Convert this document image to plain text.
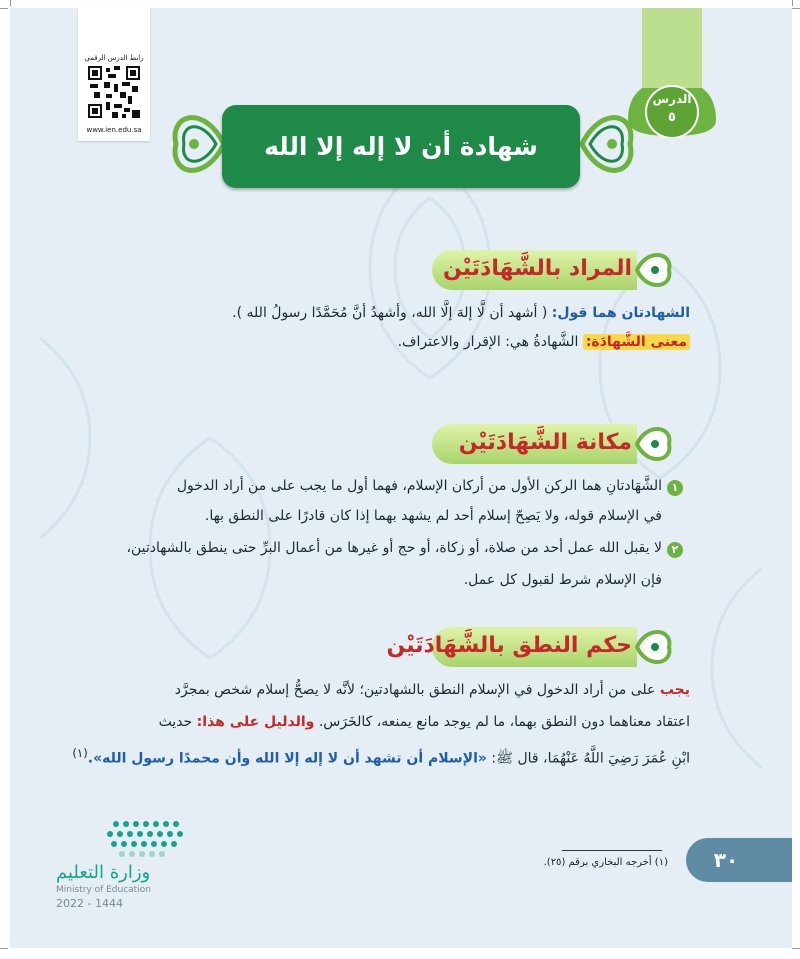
رابط الدرس الرقمي
www.ien.edu.sa
الدرس
٥
شهادة أن لا إله إلا الله
المراد بالشَّهَادَتَيْن
الشهادتان هما قول: ( أشهد أن لَّا إلهَ إلَّا الله، وأشهدُ أنَّ مُحَمَّدًا رسولُ الله ).
معنى الشَّهادَة: الشَّهادةُ هي: الإقرار والاعتراف.
مكانة الشَّهَادَتَيْن
١
الشَّهَادتانِ هما الركن الأول من أركان الإسلام، فهما أول ما يجب على من أراد الدخول
في الإسلام قوله، ولا يَصِحّ إسلام أحد لم يشهد بهما إذا كان قادرًا على النطق بها.
٢
لا يقبل الله عمل أحد من صلاة، أو زكاة، أو حج أو غيرها من أعمال البرِّ حتى ينطق بالشهادتين،
فإن الإسلام شرط لقبول كل عمل.
حكم النطق بالشَّهَادَتَيْن
يجب على من أراد الدخول في الإسلام النطق بالشهادتين؛ لأنَّه لا يصحُّ إسلام شخص بمجرَّد
اعتقاد معناهما دون النطق بهما، ما لم يوجد مانع يمنعه، كالخَرَس. والدليل على هذا: حديث
ابْنِ عُمَرَ رَضِيَ اللَّهُ عَنْهُمَا، قال ﷺ: «الإسلام أن تشهد أن لا إله إلا الله وأن محمدًا رسول الله».$^{(١)}$
(١) أخرجه البخاري برقم (٢٥).	٣٠
وزارة التعليم
Ministry of Education
2022 - 1444
